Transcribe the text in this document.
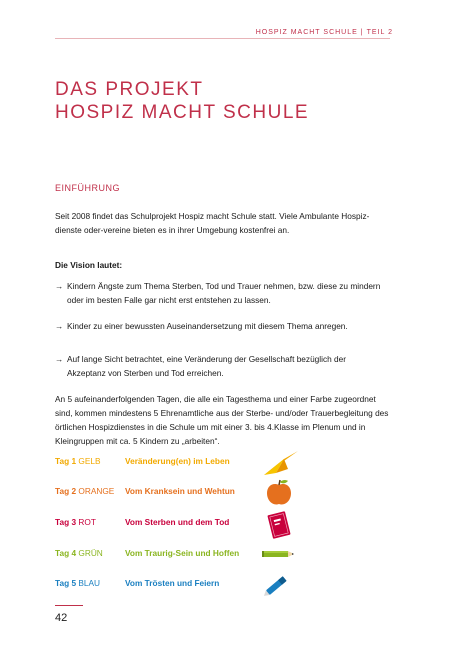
HOSPIZ MACHT SCHULE | TEIL 2
DAS PROJEKT
HOSPIZ MACHT SCHULE
EINFÜHRUNG
Seit 2008 findet das Schulprojekt Hospiz macht Schule statt. Viele Ambulante Hospiz-dienste oder-vereine bieten es in ihrer Umgebung kostenfrei an.
Die Vision lautet:
→ Kindern Ängste zum Thema Sterben, Tod und Trauer nehmen, bzw. diese zu mindern oder im besten Falle gar nicht erst entstehen zu lassen.
→ Kinder zu einer bewussten Auseinandersetzung mit diesem Thema anregen.
→ Auf lange Sicht betrachtet, eine Veränderung der Gesellschaft bezüglich der Akzeptanz von Sterben und Tod erreichen.
An 5 aufeinanderfolgenden Tagen, die alle ein Tagesthema und einer Farbe zugeordnet sind, kommen mindestens 5 Ehrenamtliche aus der Sterbe- und/oder Trauerbegleitung des örtlichen Hospizdienstes in die Schule um mit einer 3. bis 4.Klasse im Plenum und in Kleingruppen mit ca. 5 Kindern zu „arbeiten“.
Tag 1 GELB	Veränderung(en) im Leben
Tag 2 ORANGE Vom Kranksein und Wehtun
Tag 3 ROT	Vom Sterben und dem Tod
Tag 4 GRÜN	Vom Traurig-Sein und Hoffen
Tag 5 BLAU	Vom Trösten und Feiern
42
